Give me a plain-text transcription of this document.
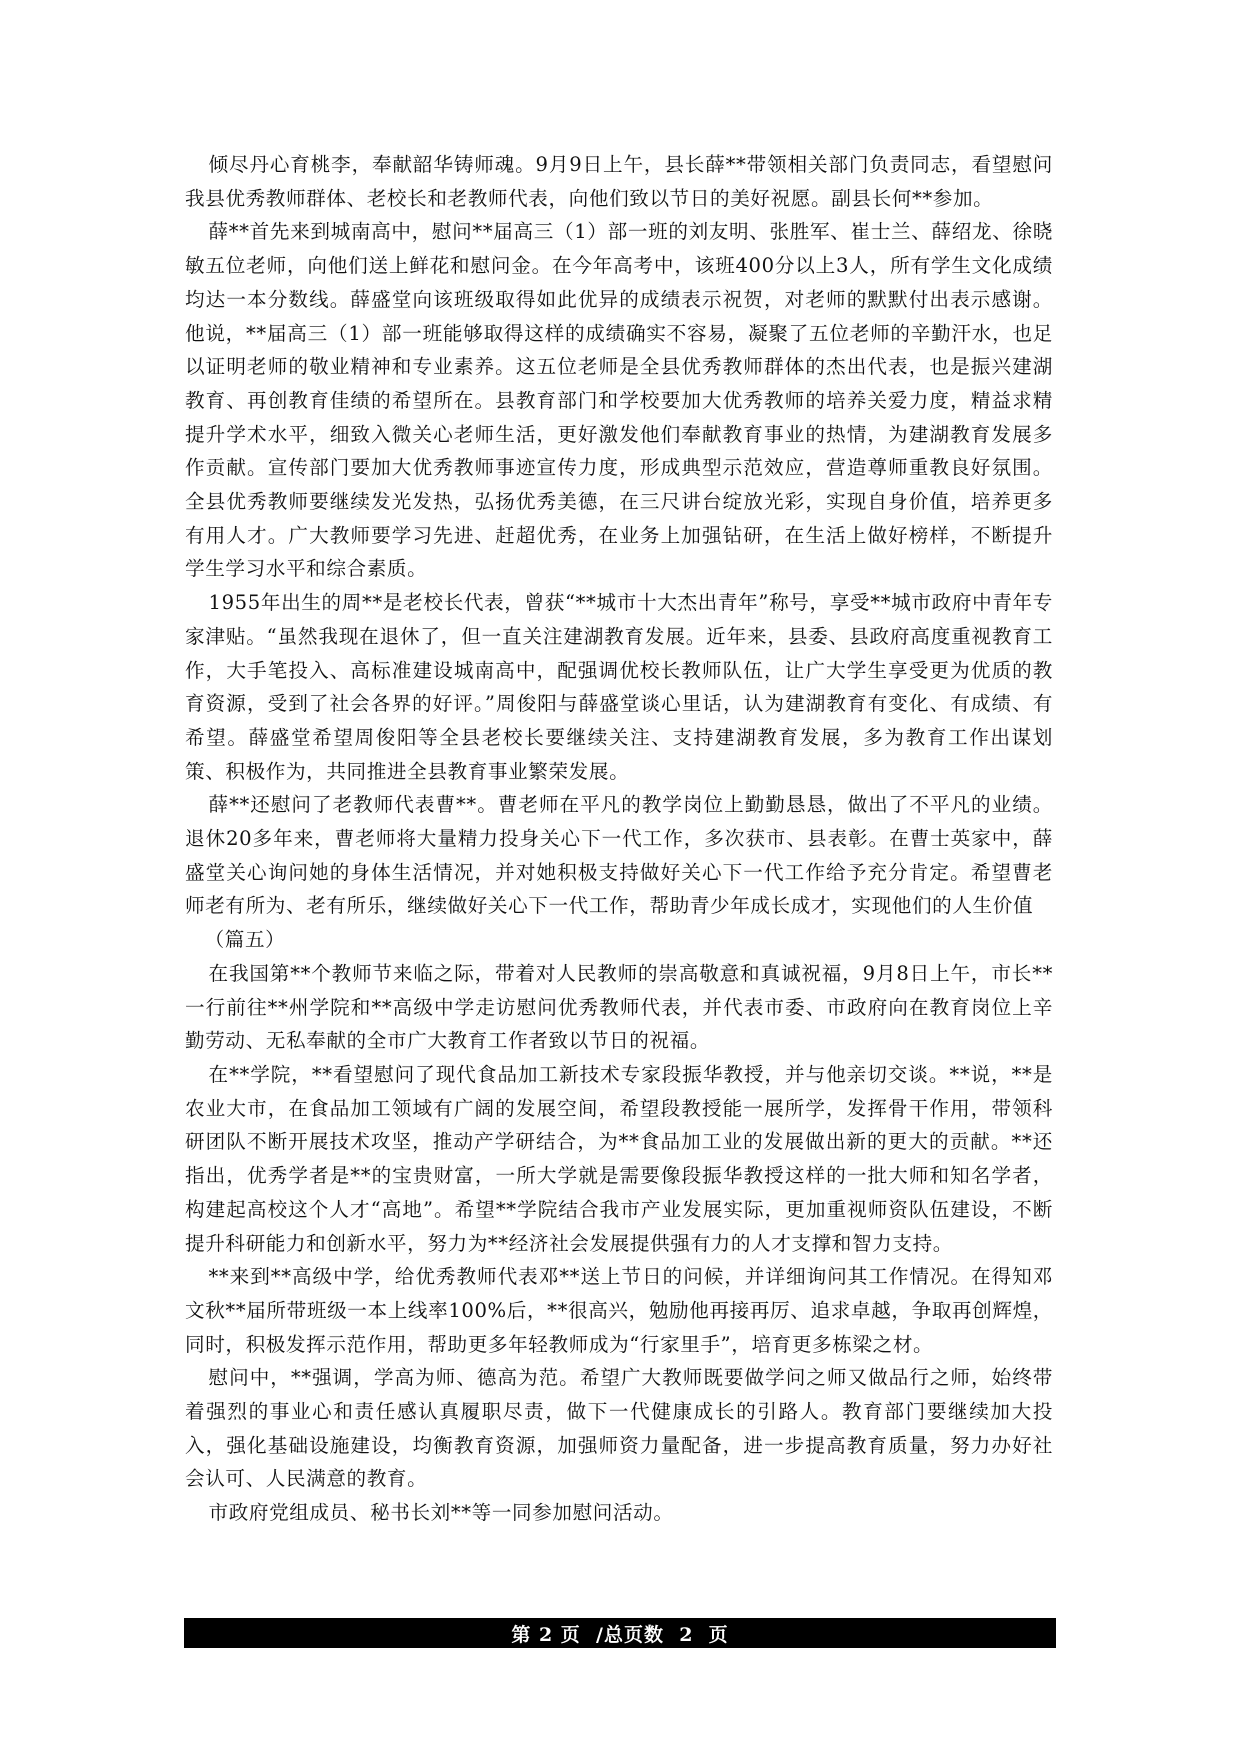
倾尽丹心育桃李，奉献韶华铸师魂。9月9日上午，县长薛**带领相关部门负责同志，看望慰问我县优秀教师群体、老校长和老教师代表，向他们致以节日的美好祝愿。副县长何**参加。

薛**首先来到城南高中，慰问**届高三（1）部一班的刘友明、张胜军、崔士兰、薛绍龙、徐晓敏五位老师，向他们送上鲜花和慰问金。在今年高考中，该班400分以上3人，所有学生文化成绩均达一本分数线。薛盛堂向该班级取得如此优异的成绩表示祝贺，对老师的默默付出表示感谢。他说，**届高三（1）部一班能够取得这样的成绩确实不容易，凝聚了五位老师的辛勤汗水，也足以证明老师的敬业精神和专业素养。这五位老师是全县优秀教师群体的杰出代表，也是振兴建湖教育、再创教育佳绩的希望所在。县教育部门和学校要加大优秀教师的培养关爱力度，精益求精提升学术水平，细致入微关心老师生活，更好激发他们奉献教育事业的热情，为建湖教育发展多作贡献。宣传部门要加大优秀教师事迹宣传力度，形成典型示范效应，营造尊师重教良好氛围。全县优秀教师要继续发光发热，弘扬优秀美德，在三尺讲台绽放光彩，实现自身价值，培养更多有用人才。广大教师要学习先进、赶超优秀，在业务上加强钻研，在生活上做好榜样，不断提升学生学习水平和综合素质。

1955年出生的周**是老校长代表，曾获“**城市十大杰出青年”称号，享受**城市政府中青年专家津贴。“虽然我现在退休了，但一直关注建湖教育发展。近年来，县委、县政府高度重视教育工作，大手笔投入、高标准建设城南高中，配强调优校长教师队伍，让广大学生享受更为优质的教育资源，受到了社会各界的好评。”周俊阳与薛盛堂谈心里话，认为建湖教育有变化、有成绩、有希望。薛盛堂希望周俊阳等全县老校长要继续关注、支持建湖教育发展，多为教育工作出谋划策、积极作为，共同推进全县教育事业繁荣发展。

薛**还慰问了老教师代表曹**。曹老师在平凡的教学岗位上勤勤恳恳，做出了不平凡的业绩。退休20多年来，曹老师将大量精力投身关心下一代工作，多次获市、县表彰。在曹士英家中，薛盛堂关心询问她的身体生活情况，并对她积极支持做好关心下一代工作给予充分肯定。希望曹老师老有所为、老有所乐，继续做好关心下一代工作，帮助青少年成长成才，实现他们的人生价值

（篇五）

在我国第**个教师节来临之际，带着对人民教师的崇高敬意和真诚祝福，9月8日上午，市长**一行前往**州学院和**高级中学走访慰问优秀教师代表，并代表市委、市政府向在教育岗位上辛勤劳动、无私奉献的全市广大教育工作者致以节日的祝福。

在**学院，**看望慰问了现代食品加工新技术专家段振华教授，并与他亲切交谈。**说，**是农业大市，在食品加工领域有广阔的发展空间，希望段教授能一展所学，发挥骨干作用，带领科研团队不断开展技术攻坚，推动产学研结合，为**食品加工业的发展做出新的更大的贡献。**还指出，优秀学者是**的宝贵财富，一所大学就是需要像段振华教授这样的一批大师和知名学者，构建起高校这个人才“高地”。希望**学院结合我市产业发展实际，更加重视师资队伍建设，不断提升科研能力和创新水平，努力为**经济社会发展提供强有力的人才支撑和智力支持。

**来到**高级中学，给优秀教师代表邓**送上节日的问候，并详细询问其工作情况。在得知邓文秋**届所带班级一本上线率100%后，**很高兴，勉励他再接再厉、追求卓越，争取再创辉煌，同时，积极发挥示范作用，帮助更多年轻教师成为“行家里手”，培育更多栋梁之材。

慰问中，**强调，学高为师、德高为范。希望广大教师既要做学问之师又做品行之师，始终带着强烈的事业心和责任感认真履职尽责，做下一代健康成长的引路人。教育部门要继续加大投入，强化基础设施建设，均衡教育资源，加强师资力量配备，进一步提高教育质量，努力办好社会认可、人民满意的教育。

市政府党组成员、秘书长刘**等一同参加慰问活动。

第 2 页  /总页数  2  页
